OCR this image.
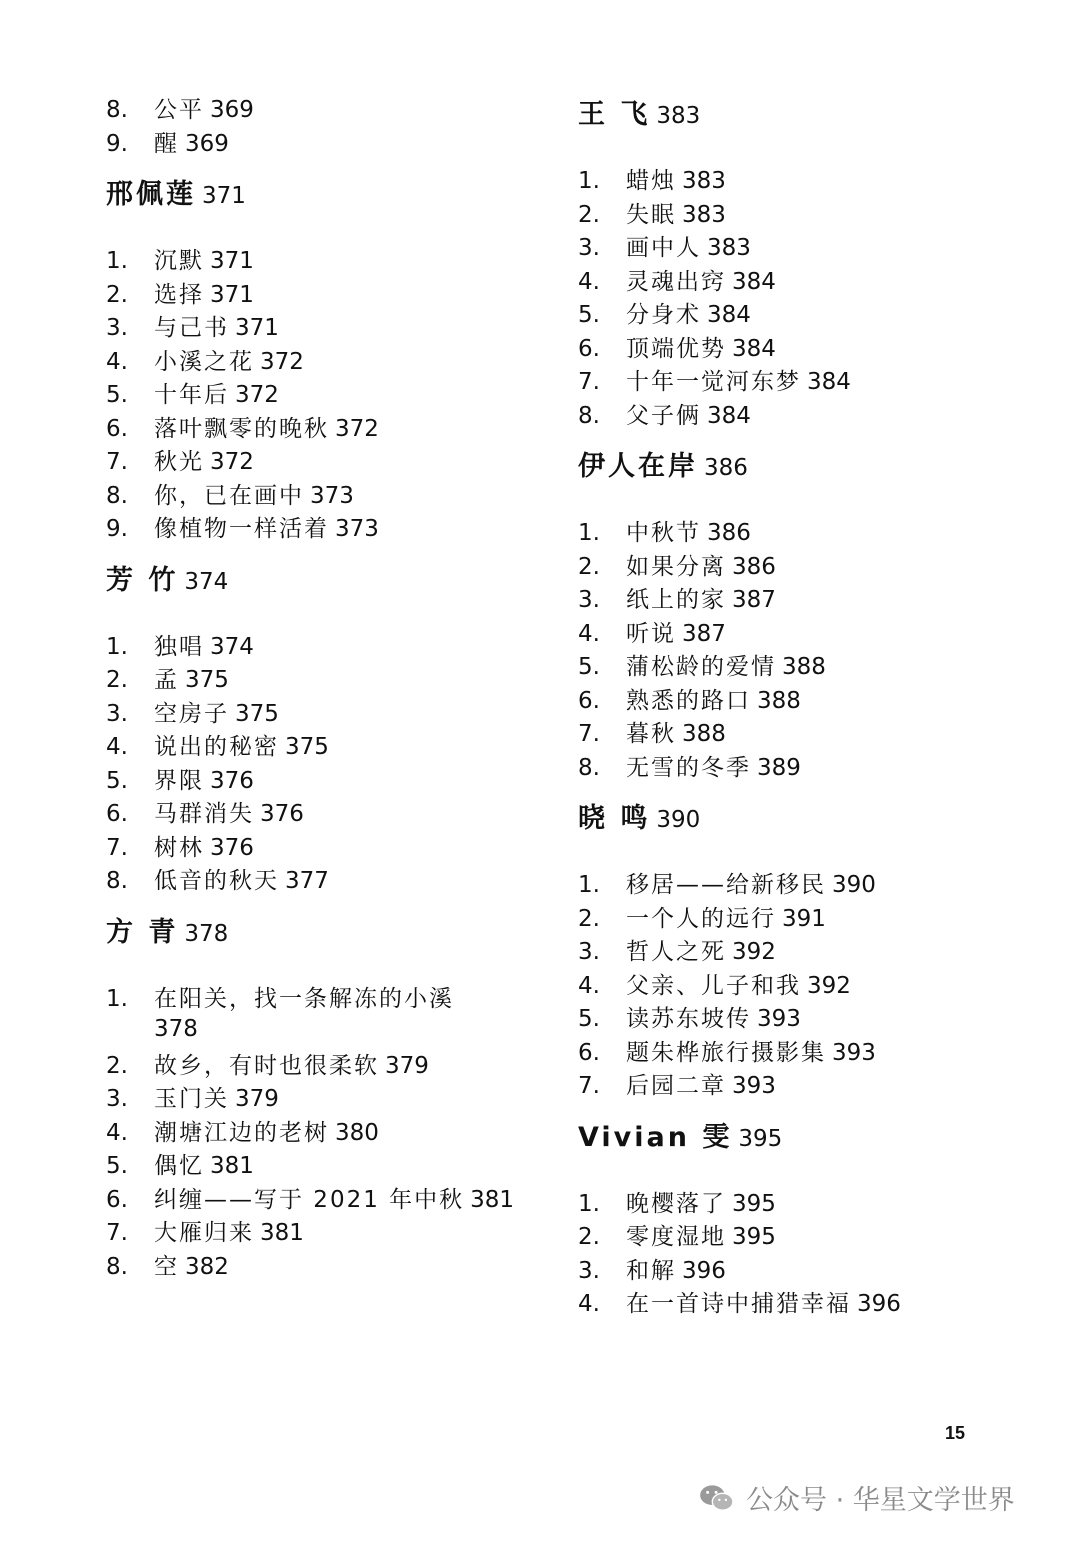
8. 公平 369
9. 醒 369
邢佩莲 371
1. 沉默 371
2. 选择 371
3. 与己书 371
4. 小溪之花 372
5. 十年后 372
6. 落叶飘零的晚秋 372
7. 秋光 372
8. 你，已在画中 373
9. 像植物一样活着 373
芳 竹 374
1. 独唱 374
2. 孟 375
3. 空房子 375
4. 说出的秘密 375
5. 界限 376
6. 马群消失 376
7. 树林 376
8. 低音的秋天 377
方 青 378
1. 在阳关，找一条解冻的小溪
378
2. 故乡，有时也很柔软 379
3. 玉门关 379
4. 潮塘江边的老树 380
5. 偶忆 381
6. 纠缠——写于 2021 年中秋 381
7. 大雁归来 381
8. 空 382
王 飞 383
1. 蜡烛 383
2. 失眠 383
3. 画中人 383
4. 灵魂出窍 384
5. 分身术 384
6. 顶端优势 384
7. 十年一觉河东梦 384
8. 父子俩 384
伊人在岸 386
1. 中秋节 386
2. 如果分离 386
3. 纸上的家 387
4. 听说 387
5. 蒲松龄的爱情 388
6. 熟悉的路口 388
7. 暮秋 388
8. 无雪的冬季 389
晓 鸣 390
1. 移居——给新移民 390
2. 一个人的远行 391
3. 哲人之死 392
4. 父亲、儿子和我 392
5. 读苏东坡传 393
6. 题朱桦旅行摄影集 393
7. 后园二章 393
Vivian 雯 395
1. 晚樱落了 395
2. 零度湿地 395
3. 和解 396
4. 在一首诗中捕猎幸福 396
15
公众号 · 华星文学世界
